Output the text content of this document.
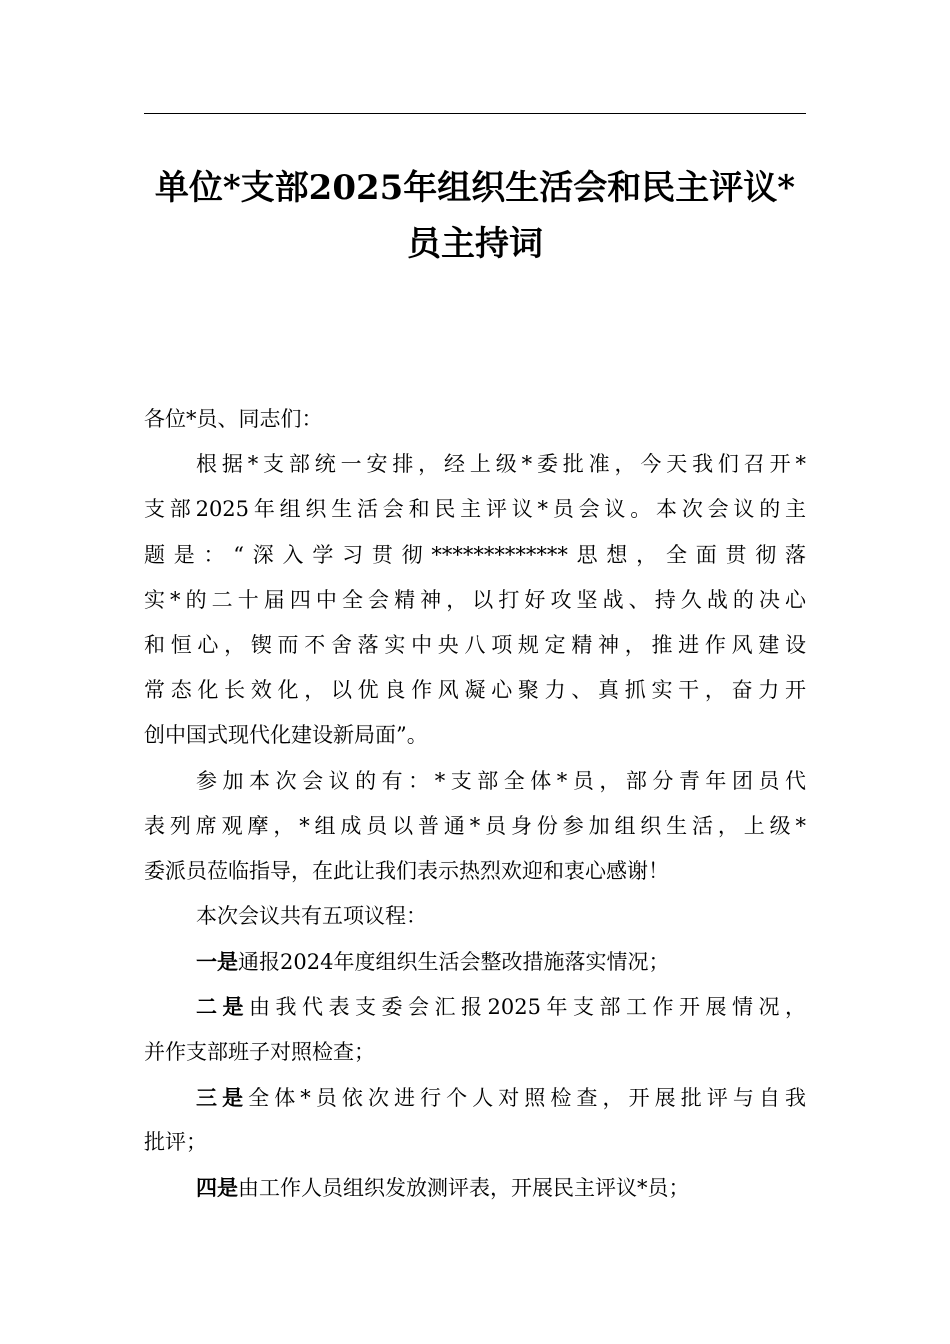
单位*支部2025年组织生活会和民主评议*
员主持词
各位*员、同志们：
根据*支部统一安排，经上级*委批准，今天我们召开*
支部2025年组织生活会和民主评议*员会议。本次会议的主
题是：“深入学习贯彻*************思想，全面贯彻落
实*的二十届四中全会精神，以打好攻坚战、持久战的决心
和恒心，锲而不舍落实中央八项规定精神，推进作风建设
常态化长效化，以优良作风凝心聚力、真抓实干，奋力开
创中国式现代化建设新局面”。
参加本次会议的有：*支部全体*员，部分青年团员代
表列席观摩，*组成员以普通*员身份参加组织生活，上级*
委派员莅临指导，在此让我们表示热烈欢迎和衷心感谢！
本次会议共有五项议程：
一是通报2024年度组织生活会整改措施落实情况；
二是由我代表支委会汇报2025年支部工作开展情况，
并作支部班子对照检查；
三是全体*员依次进行个人对照检查，开展批评与自我
批评；
四是由工作人员组织发放测评表，开展民主评议*员；
